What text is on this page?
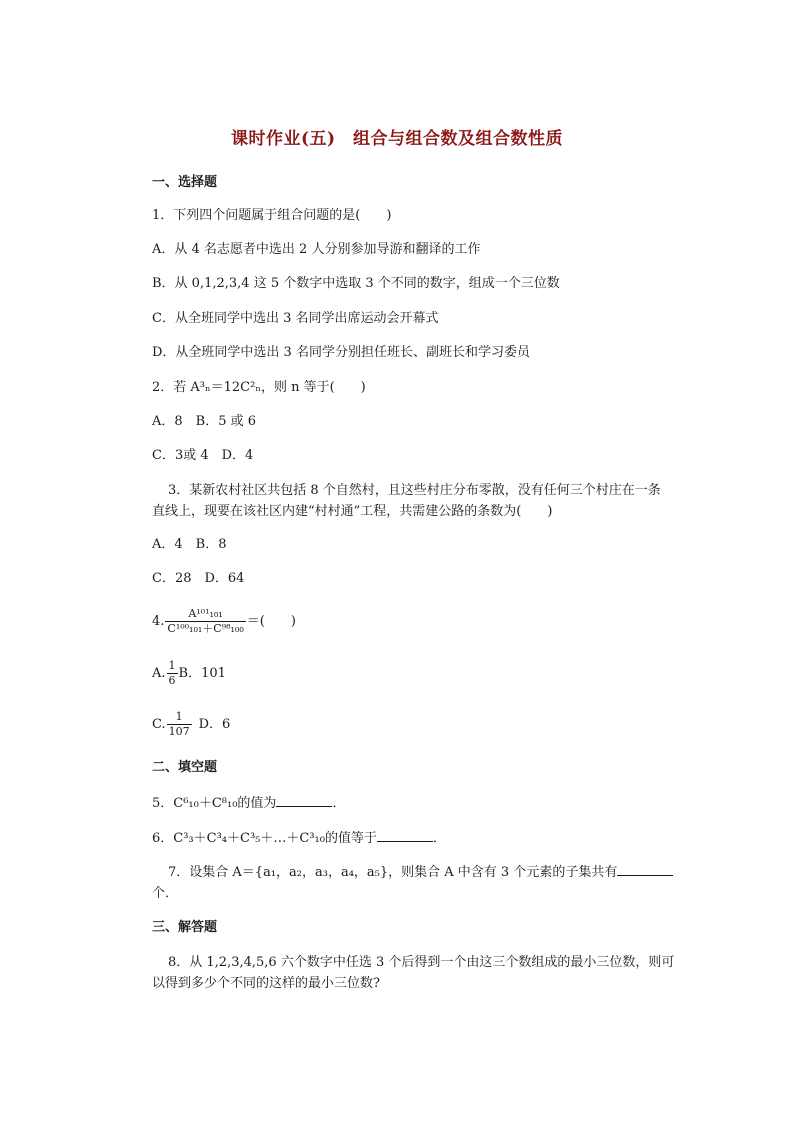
课时作业(五)　组合与组合数及组合数性质
一、选择题
1．下列四个问题属于组合问题的是(　　)
A．从 4 名志愿者中选出 2 人分别参加导游和翻译的工作
B．从 0,1,2,3,4 这 5 个数字中选取 3 个不同的数字，组成一个三位数
C．从全班同学中选出 3 名同学出席运动会开幕式
D．从全班同学中选出 3 名同学分别担任班长、副班长和学习委员
2．若 A³ₙ＝12C²ₙ，则 n 等于(　　)
A．8　B．5 或 6
C．3或 4　D．4
3．某新农村社区共包括 8 个自然村，且这些村庄分布零散，没有任何三个村庄在一条
直线上，现要在该社区内建“村村通”工程，共需建公路的条数为(　　)
A．4　B．8
C．28　D．64
4. $\frac{\text{A¹⁰¹₁₀₁}}{\text{C¹⁰⁰₁₀₁＋C⁹⁸₁₀₀}}$ ＝(　　)
A. $\frac{1}{6}$ B．101
C. $\frac{1}{107}$ D．6
二、填空题
5．C⁶₁₀＋C⁸₁₀的值为	．
6．C³₃＋C³₄＋C³₅＋…＋C³₁₀的值等于	．
7．设集合 A＝{a₁，a₂，a₃，a₄，a₅}，则集合 A 中含有 3 个元素的子集共有
个．
三、解答题
8．从 1,2,3,4,5,6 六个数字中任选 3 个后得到一个由这三个数组成的最小三位数，则可
以得到多少个不同的这样的最小三位数?
